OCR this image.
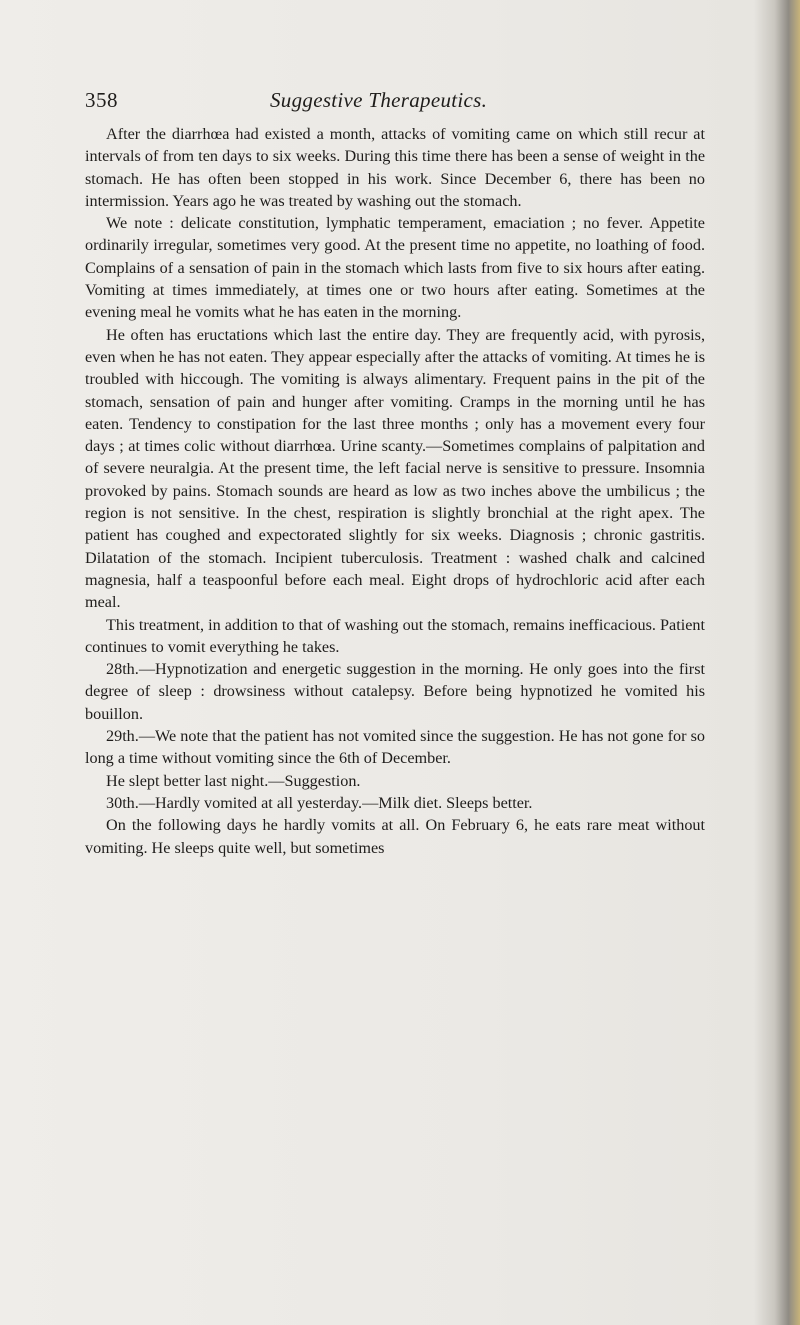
358	Suggestive Therapeutics.

After the diarrhœa had existed a month, attacks of vomiting came on which still recur at intervals of from ten days to six weeks. During this time there has been a sense of weight in the stomach. He has often been stopped in his work. Since December 6, there has been no intermission. Years ago he was treated by washing out the stomach.

We note : delicate constitution, lymphatic temperament, emaciation ; no fever. Appetite ordinarily irregular, sometimes very good. At the present time no appetite, no loathing of food. Complains of a sensation of pain in the stomach which lasts from five to six hours after eating. Vomiting at times immediately, at times one or two hours after eating. Sometimes at the evening meal he vomits what he has eaten in the morning.

He often has eructations which last the entire day. They are frequently acid, with pyrosis, even when he has not eaten. They appear especially after the attacks of vomiting. At times he is troubled with hiccough. The vomiting is always alimentary. Frequent pains in the pit of the stomach, sensation of pain and hunger after vomiting. Cramps in the morning until he has eaten. Tendency to constipation for the last three months ; only has a movement every four days ; at times colic without diarrhœa. Urine scanty.—Sometimes complains of palpitation and of severe neuralgia. At the present time, the left facial nerve is sensitive to pressure. Insomnia provoked by pains. Stomach sounds are heard as low as two inches above the umbilicus ; the region is not sensitive. In the chest, respiration is slightly bronchial at the right apex. The patient has coughed and expectorated slightly for six weeks. Diagnosis ; chronic gastritis. Dilatation of the stomach. Incipient tuberculosis. Treatment : washed chalk and calcined magnesia, half a teaspoonful before each meal. Eight drops of hydrochloric acid after each meal.

This treatment, in addition to that of washing out the stomach, remains inefficacious. Patient continues to vomit everything he takes.

28th.—Hypnotization and energetic suggestion in the morning. He only goes into the first degree of sleep : drowsiness without catalepsy. Before being hypnotized he vomited his bouillon.

29th.—We note that the patient has not vomited since the suggestion. He has not gone for so long a time without vomiting since the 6th of December.

He slept better last night.—Suggestion.

30th.—Hardly vomited at all yesterday.—Milk diet. Sleeps better.

On the following days he hardly vomits at all. On February 6, he eats rare meat without vomiting. He sleeps quite well, but sometimes
